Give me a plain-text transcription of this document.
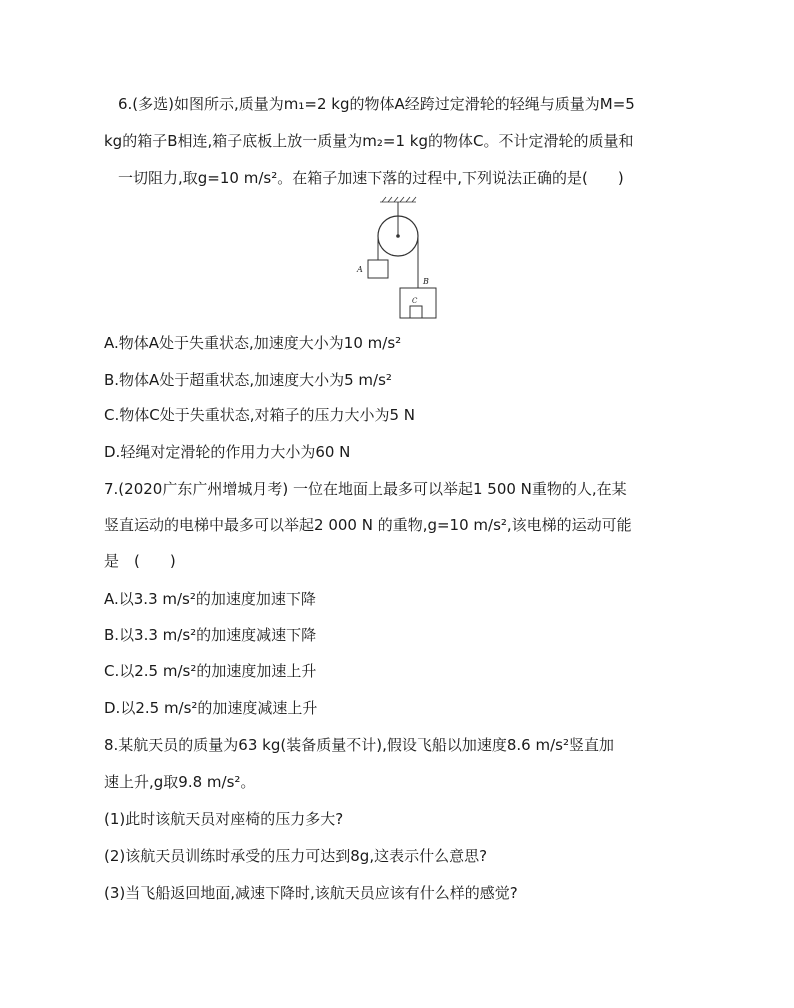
6.(多选)如图所示,质量为m₁=2 kg的物体A经跨过定滑轮的轻绳与质量为M=5
kg的箱子B相连,箱子底板上放一质量为m₂=1 kg的物体C。不计定滑轮的质量和
一切阻力,取g=10 m/s²。在箱子加速下落的过程中,下列说法正确的是(　　)
A
B
C
A.物体A处于失重状态,加速度大小为10 m/s²
B.物体A处于超重状态,加速度大小为5 m/s²
C.物体C处于失重状态,对箱子的压力大小为5 N
D.轻绳对定滑轮的作用力大小为60 N
7.(2020广东广州增城月考) 一位在地面上最多可以举起1 500 N重物的人,在某
竖直运动的电梯中最多可以举起2 000 N 的重物,g=10 m/s²,该电梯的运动可能
是　(　　)
A.以3.3 m/s²的加速度加速下降
B.以3.3 m/s²的加速度减速下降
C.以2.5 m/s²的加速度加速上升
D.以2.5 m/s²的加速度减速上升
8.某航天员的质量为63 kg(装备质量不计),假设飞船以加速度8.6 m/s²竖直加
速上升,g取9.8 m/s²。
(1)此时该航天员对座椅的压力多大?
(2)该航天员训练时承受的压力可达到8g,这表示什么意思?
(3)当飞船返回地面,减速下降时,该航天员应该有什么样的感觉?
